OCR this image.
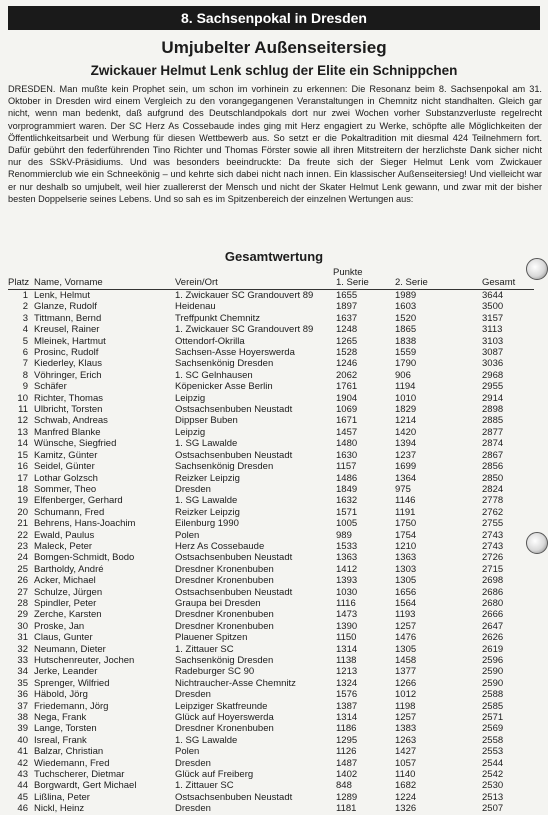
8. Sachsenpokal in Dresden
Umjubelter Außenseitersieg
Zwickauer Helmut Lenk schlug der Elite ein Schnippchen

DRESDEN. Man mußte kein Prophet sein, um schon im vorhinein zu erkennen: Die Resonanz beim 8. Sachsenpokal am 31. Oktober in Dresden wird einem Vergleich zu den vorangegangenen Veranstaltungen in Chemnitz nicht standhalten. Gleich gar nicht, wenn man bedenkt, daß aufgrund des Deutschlandpokals dort nur zwei Wochen vorher Substanzverluste regelrecht vorprogrammiert waren. Der SC Herz As Cossebaude indes ging mit Herz engagiert zu Werke, schöpfte alle Möglichkeiten der Öffentlichkeitsarbeit und Werbung für diesen Wettbewerb aus. So setzt er die Pokaltradition mit diesmal 424 Teilnehmern fort. Dafür gebührt den federführenden Tino Richter und Thomas Förster sowie all ihren Mitstreitern der herzlichste Dank sicher nicht nur des SSkV-Präsidiums. Und was besonders beeindruckte: Da freute sich der Sieger Helmut Lenk vom Zwickauer Renommierclub wie ein Schneekönig – und kehrte sich dabei nicht nach innen. Ein klassischer Außenseitersieg! Und vielleicht war er nur deshalb so umjubelt, weil hier zuallererst der Mensch und nicht der Skater Helmut Lenk gewann, und zwar mit der bisher besten Doppelserie seines Lebens. Und so sah es im Spitzenbereich der einzelnen Wertungen aus:

Gesamtwertung
Punkte
Platz	Name, Vorname	Verein/Ort	1. Serie	2. Serie	Gesamt
1	Lenk, Helmut	1. Zwickauer SC Grandouvert 89	1655	1989	3644
2	Glanze, Rudolf	Heidenau	1897	1603	3500
3	Tittmann, Bernd	Treffpunkt Chemnitz	1637	1520	3157
4	Kreusel, Rainer	1. Zwickauer SC Grandouvert 89	1248	1865	3113
5	Mleinek, Hartmut	Ottendorf-Okrilla	1265	1838	3103
6	Prosinc, Rudolf	Sachsen-Asse Hoyerswerda	1528	1559	3087
7	Kiederley, Klaus	Sachsenkönig Dresden	1246	1790	3036
8	Vöhringer, Erich	1. SC Gelnhausen	2062	906	2968
9	Schäfer	Köpenicker Asse Berlin	1761	1194	2955
10	Richter, Thomas	Leipzig	1904	1010	2914
11	Ulbricht, Torsten	Ostsachsenbuben Neustadt	1069	1829	2898
12	Schwab, Andreas	Dippser Buben	1671	1214	2885
13	Manfred Blanke	Leipzig	1457	1420	2877
14	Wünsche, Siegfried	1. SG Lawalde	1480	1394	2874
15	Kamitz, Günter	Ostsachsenbuben Neustadt	1630	1237	2867
16	Seidel, Günter	Sachsenkönig Dresden	1157	1699	2856
17	Lothar Golzsch	Reizker Leipzig	1486	1364	2850
18	Sommer, Theo	Dresden	1849	975	2824
19	Elfenberger, Gerhard	1. SG Lawalde	1632	1146	2778
20	Schumann, Fred	Reizker Leipzig	1571	1191	2762
21	Behrens, Hans-Joachim	Eilenburg 1990	1005	1750	2755
22	Ewald, Paulus	Polen	989	1754	2743
23	Maleck, Peter	Herz As Cossebaude	1533	1210	2743
24	Bomgen-Schmidt, Bodo	Ostsachsenbuben Neustadt	1363	1363	2726
25	Bartholdy, André	Dresdner Kronenbuben	1412	1303	2715
26	Acker, Michael	Dresdner Kronenbuben	1393	1305	2698
27	Schulze, Jürgen	Ostsachsenbuben Neustadt	1030	1656	2686
28	Spindler, Peter	Graupa bei Dresden	1116	1564	2680
29	Zerche, Karsten	Dresdner Kronenbuben	1473	1193	2666
30	Proske, Jan	Dresdner Kronenbuben	1390	1257	2647
31	Claus, Gunter	Plauener Spitzen	1150	1476	2626
32	Neumann, Dieter	1. Zittauer SC	1314	1305	2619
33	Hutschenreuter, Jochen	Sachsenkönig Dresden	1138	1458	2596
34	Jerke, Leander	Radeburger SC 90	1213	1377	2590
35	Sprenger, Wilfried	Nichtraucher-Asse Chemnitz	1324	1266	2590
36	Häbold, Jörg	Dresden	1576	1012	2588
37	Friedemann, Jörg	Leipziger Skatfreunde	1387	1198	2585
38	Nega, Frank	Glück auf Hoyerswerda	1314	1257	2571
39	Lange, Torsten	Dresdner Kronenbuben	1186	1383	2569
40	Isreal, Frank	1. SG Lawalde	1295	1263	2558
41	Balzar, Christian	Polen	1126	1427	2553
42	Wiedemann, Fred	Dresden	1487	1057	2544
43	Tuchscherer, Dietmar	Glück auf Freiberg	1402	1140	2542
44	Borgwardt, Gert Michael	1. Zittauer SC	848	1682	2530
45	Lißlina, Peter	Ostsachsenbuben Neustadt	1289	1224	2513
46	Nickl, Heinz	Dresden	1181	1326	2507
